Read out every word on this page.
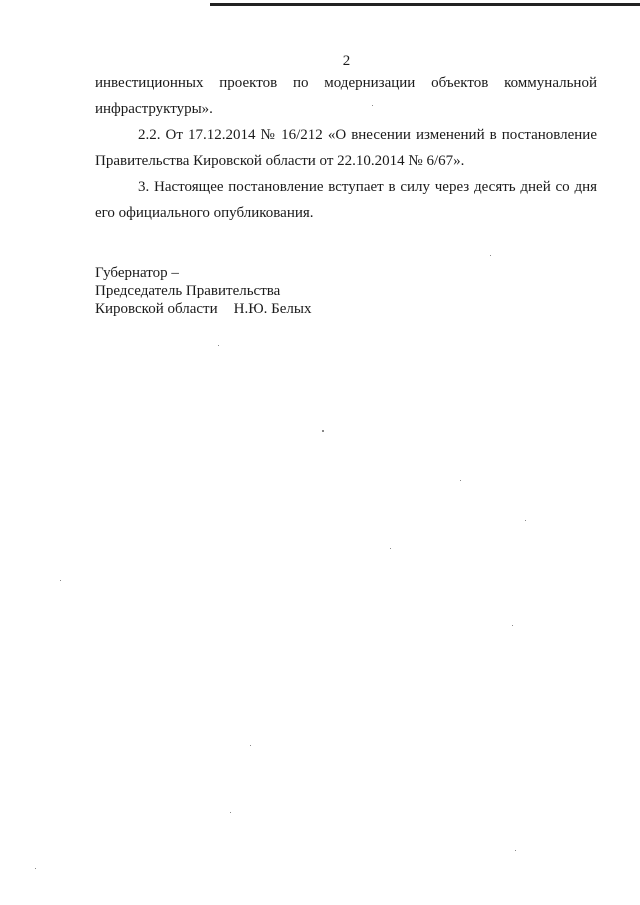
2
инвестиционных проектов по модернизации объектов коммунальной
инфраструктуры».
2.2. От 17.12.2014 № 16/212 «О внесении изменений в постановление
Правительства Кировской области от 22.10.2014 № 6/67».
3. Настоящее постановление вступает в силу через десять дней со дня
его официального опубликования.
Губернатор –
Председатель Правительства
Кировской области Н.Ю. Белых
